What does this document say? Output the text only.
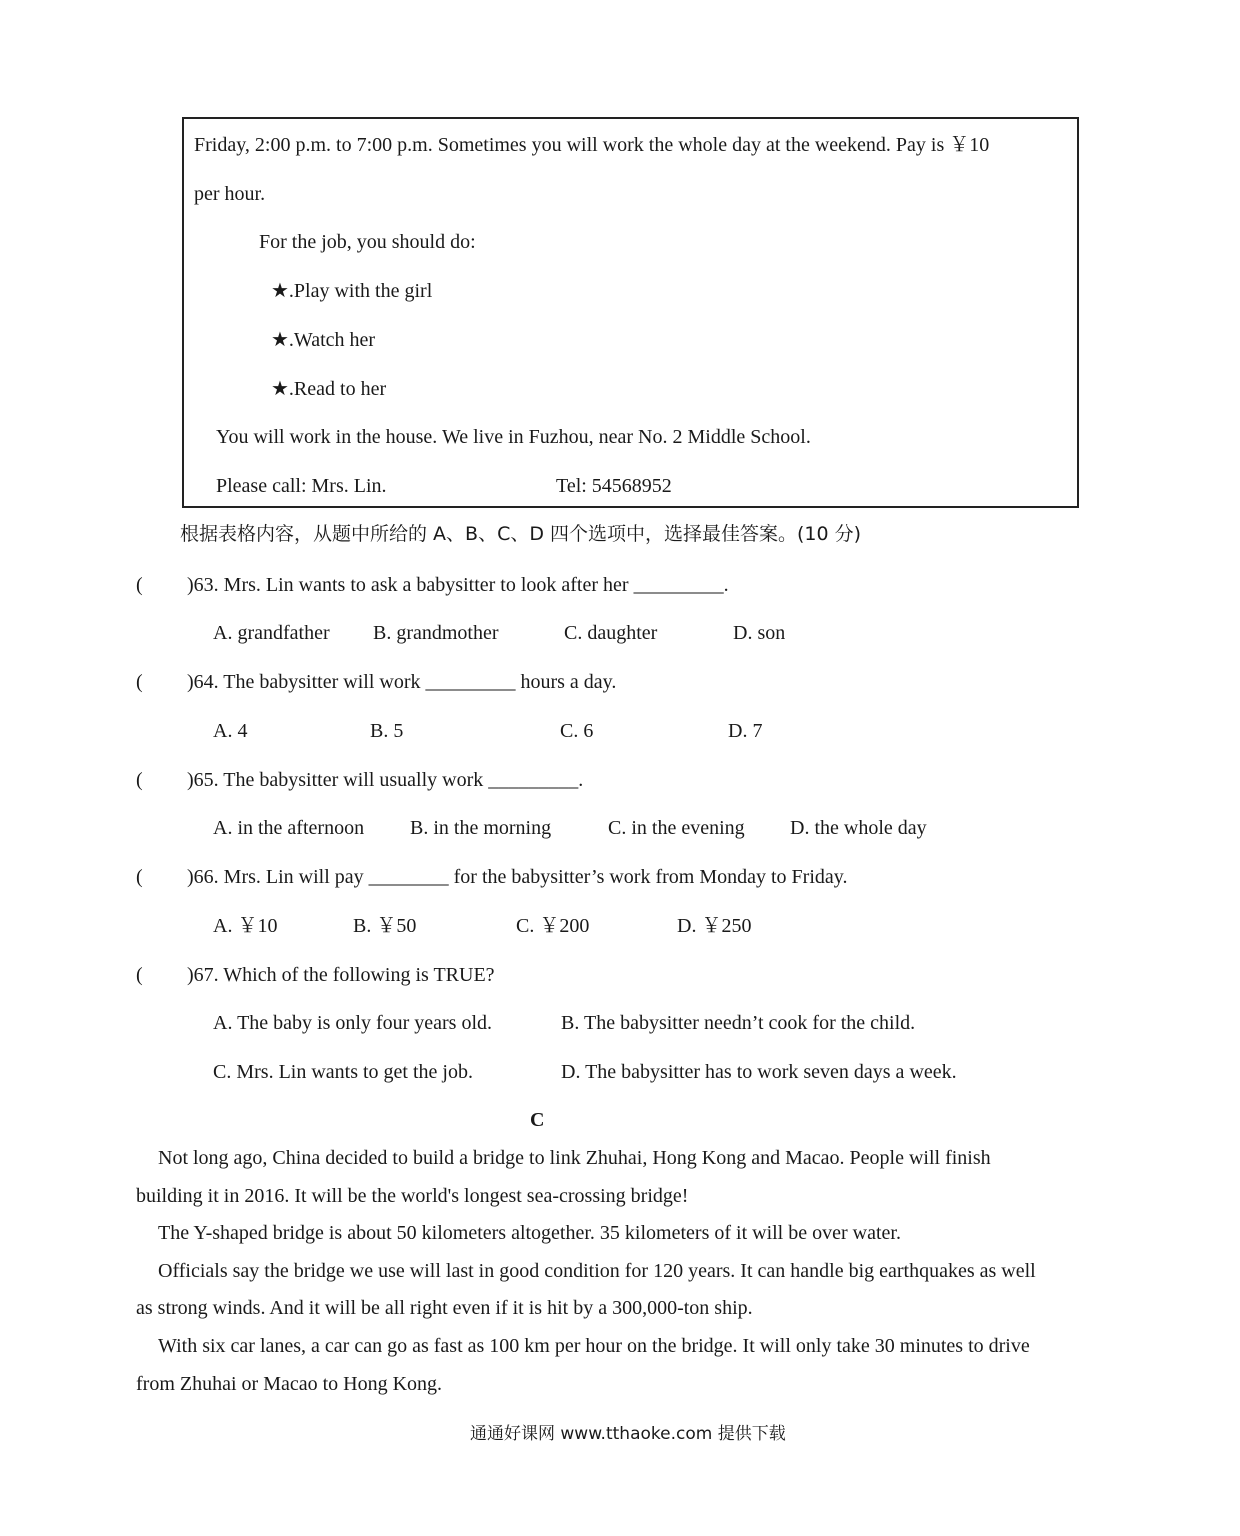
Friday, 2:00 p.m. to 7:00 p.m. Sometimes you will work the whole day at the weekend. Pay is ￥10
per hour.
For the job, you should do:
★.Play with the girl
★.Watch her
★.Read to her
You will work in the house. We live in Fuzhou, near No. 2 Middle School.
Please call: Mrs. Lin.	Tel: 54568952
根据表格内容，从题中所给的 A、B、C、D 四个选项中，选择最佳答案。(10 分)
( )63. Mrs. Lin wants to ask a babysitter to look after her _________.
A. grandfather B. grandmother	C. daughter	D. son
( )64. The babysitter will work _________ hours a day.
A. 4	B. 5	C. 6	D. 7
( )65. The babysitter will usually work _________.
A. in the afternoon B. in the morning	C. in the evening D. the whole day
( )66. Mrs. Lin will pay ________ for the babysitter’s work from Monday to Friday.
A. ￥10	B. ￥50	C. ￥200	D. ￥250
( )67. Which of the following is TRUE?
A. The baby is only four years old.	B. The babysitter needn’t cook for the child.
C. Mrs. Lin wants to get the job.	D. The babysitter has to work seven days a week.
C
Not long ago, China decided to build a bridge to link Zhuhai, Hong Kong and Macao. People will finish
building it in 2016. It will be the world's longest sea-crossing bridge!
The Y-shaped bridge is about 50 kilometers altogether. 35 kilometers of it will be over water.
Officials say the bridge we use will last in good condition for 120 years. It can handle big earthquakes as well
as strong winds. And it will be all right even if it is hit by a 300,000-ton ship.
With six car lanes, a car can go as fast as 100 km per hour on the bridge. It will only take 30 minutes to drive
from Zhuhai or Macao to Hong Kong.
通通好课网 www.tthaoke.com 提供下载
